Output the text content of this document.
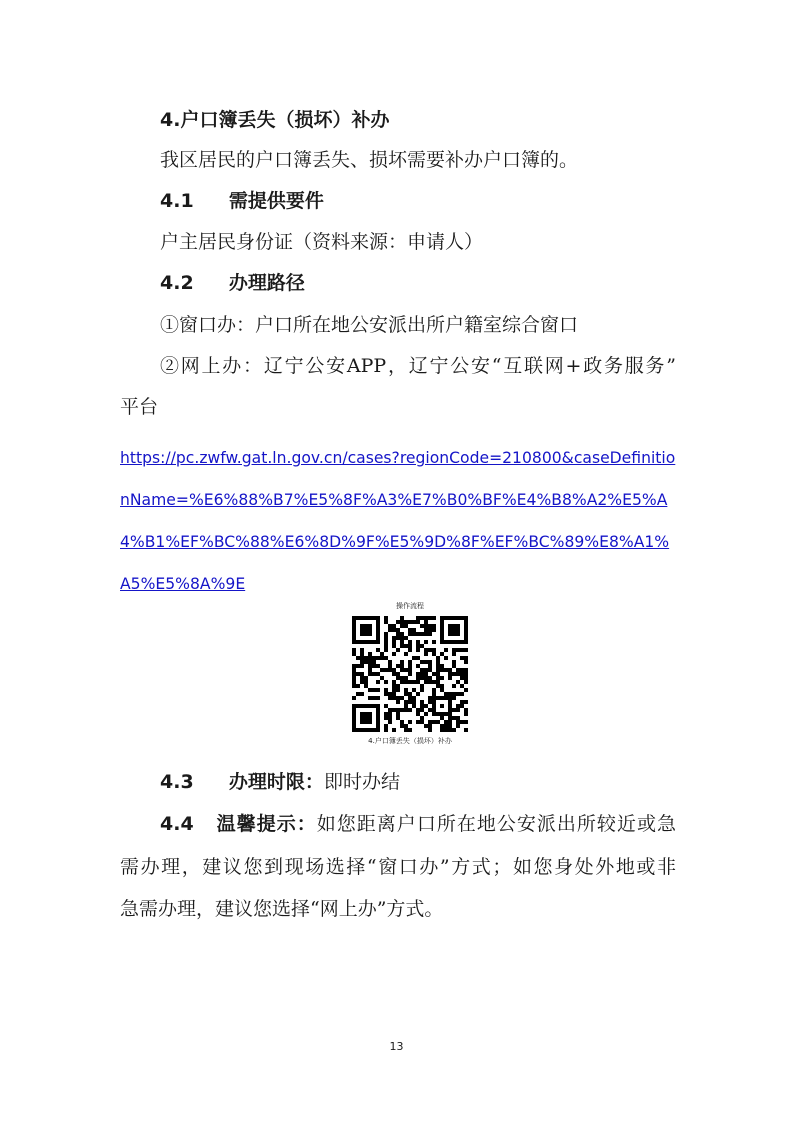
4.户口簿丢失（损坏）补办
我区居民的户口簿丢失、损坏需要补办户口簿的。
4.1 需提供要件
户主居民身份证（资料来源：申请人）
4.2 办理路径
①窗口办：户口所在地公安派出所户籍室综合窗口
②网上办：辽宁公安APP，辽宁公安“互联网+政务服务”
平台
https://pc.zwfw.gat.ln.gov.cn/cases?regionCode=210800&caseDefinitionName=%E6%88%B7%E5%8F%A3%E7%B0%BF%E4%B8%A2%E5%A4%B1%EF%BC%88%E6%8D%9F%E5%9D%8F%EF%BC%89%E8%A1%A5%E5%8A%9E
操作流程
4.户口簿丢失（损坏）补办
4.3 办理时限：即时办结
4.4 温馨提示：如您距离户口所在地公安派出所较近或急
需办理，建议您到现场选择“窗口办”方式；如您身处外地或非
急需办理，建议您选择“网上办”方式。
13
